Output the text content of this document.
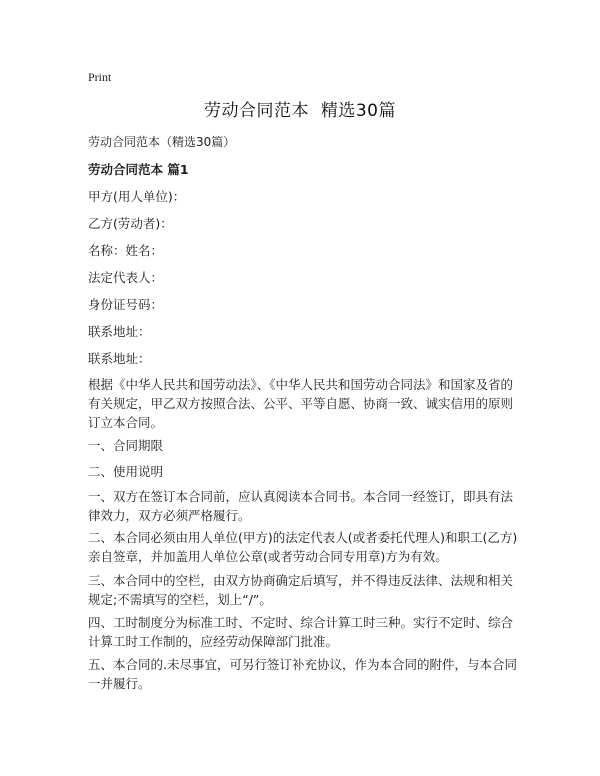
Print
劳动合同范本  精选30篇
劳动合同范本（精选30篇）
劳动合同范本 篇1
甲方(用人单位)：
乙方(劳动者)：
名称：姓名：
法定代表人：
身份证号码：
联系地址：
联系地址：
根据《中华人民共和国劳动法》、《中华人民共和国劳动合同法》和国家及省的有关规定，甲乙双方按照合法、公平、平等自愿、协商一致、诚实信用的原则订立本合同。
一、合同期限
二、使用说明
一、双方在签订本合同前，应认真阅读本合同书。本合同一经签订，即具有法律效力，双方必须严格履行。
二、本合同必须由用人单位(甲方)的法定代表人(或者委托代理人)和职工(乙方)亲自签章，并加盖用人单位公章(或者劳动合同专用章)方为有效。
三、本合同中的空栏，由双方协商确定后填写，并不得违反法律、法规和相关规定;不需填写的空栏，划上“/”。
四、工时制度分为标准工时、不定时、综合计算工时三种。实行不定时、综合计算工时工作制的，应经劳动保障部门批准。
五、本合同的.未尽事宜，可另行签订补充协议，作为本合同的附件，与本合同一并履行。
